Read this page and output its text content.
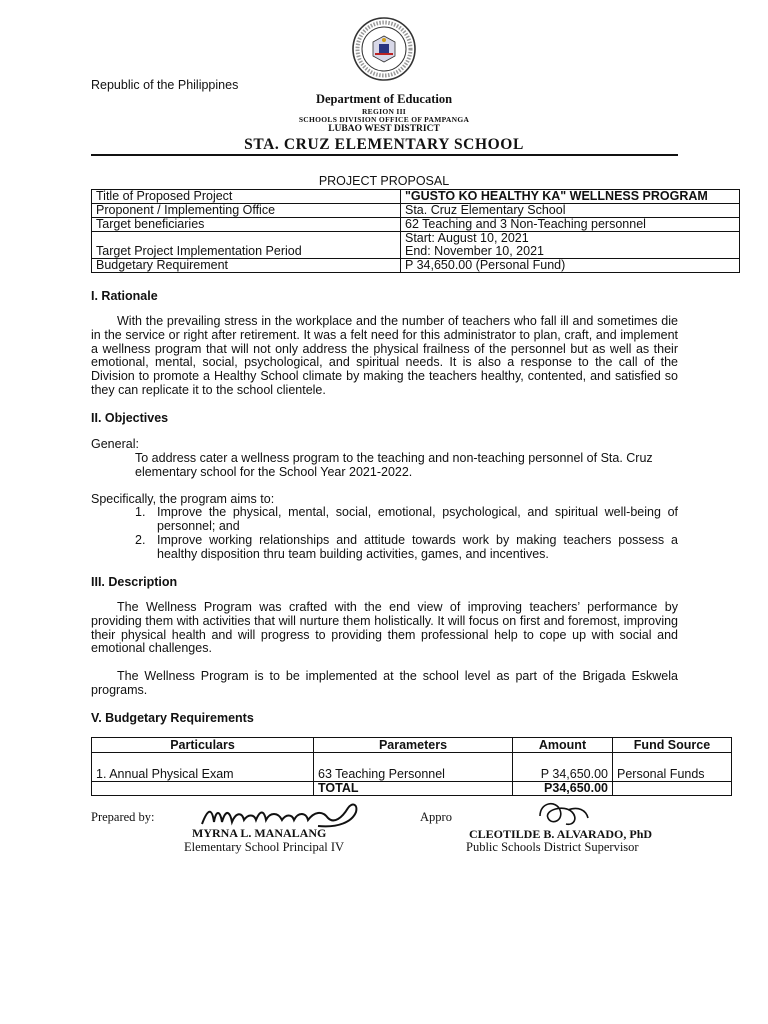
Republic of the Philippines
Department of Education
REGION III
SCHOOLS DIVISION OFFICE OF PAMPANGA
LUBAO WEST DISTRICT
STA. CRUZ ELEMENTARY SCHOOL
PROJECT PROPOSAL
Title of Proposed Project	"GUSTO KO HEALTHY KA" WELLNESS PROGRAM
Proponent / Implementing Office	Sta. Cruz Elementary School
Target beneficiaries	62 Teaching and 3 Non-Teaching personnel
Target Project Implementation Period	Start: August 10, 2021
End: November 10, 2021

Budgetary Requirement	P 34,650.00 (Personal Fund)
I. Rationale
With the prevailing stress in the workplace and the number of teachers who fall ill and sometimes die in the service or right after retirement. It was a felt need for this administrator to plan, craft, and implement a wellness program that will not only address the physical frailness of the personnel but as well as their emotional, mental, social, psychological, and spiritual needs. It is also a response to the call of the Division to promote a Healthy School climate by making the teachers healthy, contented, and satisfied so they can replicate it to the school clientele.
II. Objectives
General:
To address cater a wellness program to the teaching and non-teaching personnel of Sta. Cruz elementary school for the School Year 2021-2022.
Specifically, the program aims to:
1. Improve the physical, mental, social, emotional, psychological, and spiritual well-being of personnel; and
2. Improve working relationships and attitude towards work by making teachers possess a healthy disposition thru team building activities, games, and incentives.
III. Description
The Wellness Program was crafted with the end view of improving teachers’ performance by providing them with activities that will nurture them holistically. It will focus on first and foremost, improving their physical health and will progress to providing them professional help to cope up with social and emotional challenges.
The Wellness Program is to be implemented at the school level as part of the Brigada Eskwela programs.
V. Budgetary Requirements
Particulars	Parameters	Amount	Fund Source
1. Annual Physical Exam	63 Teaching Personnel	P 34,650.00	Personal Funds
	TOTAL	P34,650.00	
Prepared by:
MYRNA L. MANALANG
Elementary School Principal IV
Appro
CLEOTILDE B. ALVARADO, PhD
Public Schools District Supervisor
